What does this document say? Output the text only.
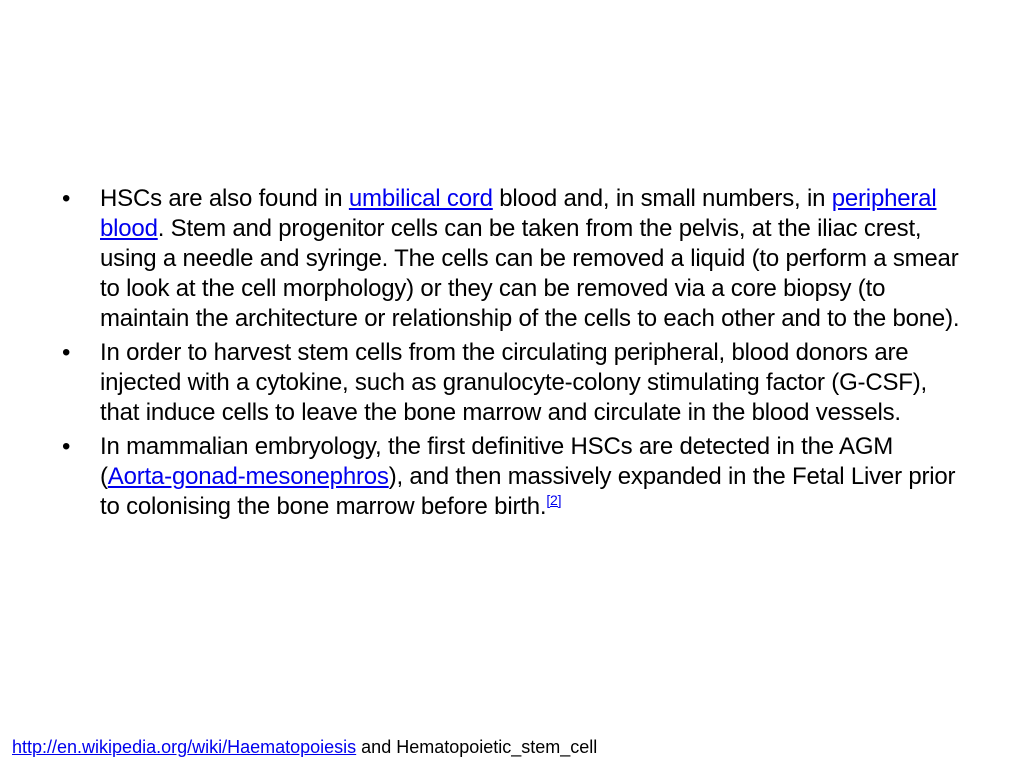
•	HSCs are also found in umbilical cord blood and, in small numbers, in peripheral blood. Stem and progenitor cells can be taken from the pelvis, at the iliac crest, using a needle and syringe. The cells can be removed a liquid (to perform a smear to look at the cell morphology) or they can be removed via a core biopsy (to maintain the architecture or relationship of the cells to each other and to the bone).
•	In order to harvest stem cells from the circulating peripheral, blood donors are injected with a cytokine, such as granulocyte-colony stimulating factor (G-CSF), that induce cells to leave the bone marrow and circulate in the blood vessels.
•	In mammalian embryology, the first definitive HSCs are detected in the AGM (Aorta-gonad-mesonephros), and then massively expanded in the Fetal Liver prior to colonising the bone marrow before birth.[2]
http://en.wikipedia.org/wiki/Haematopoiesis and Hematopoietic_stem_cell
